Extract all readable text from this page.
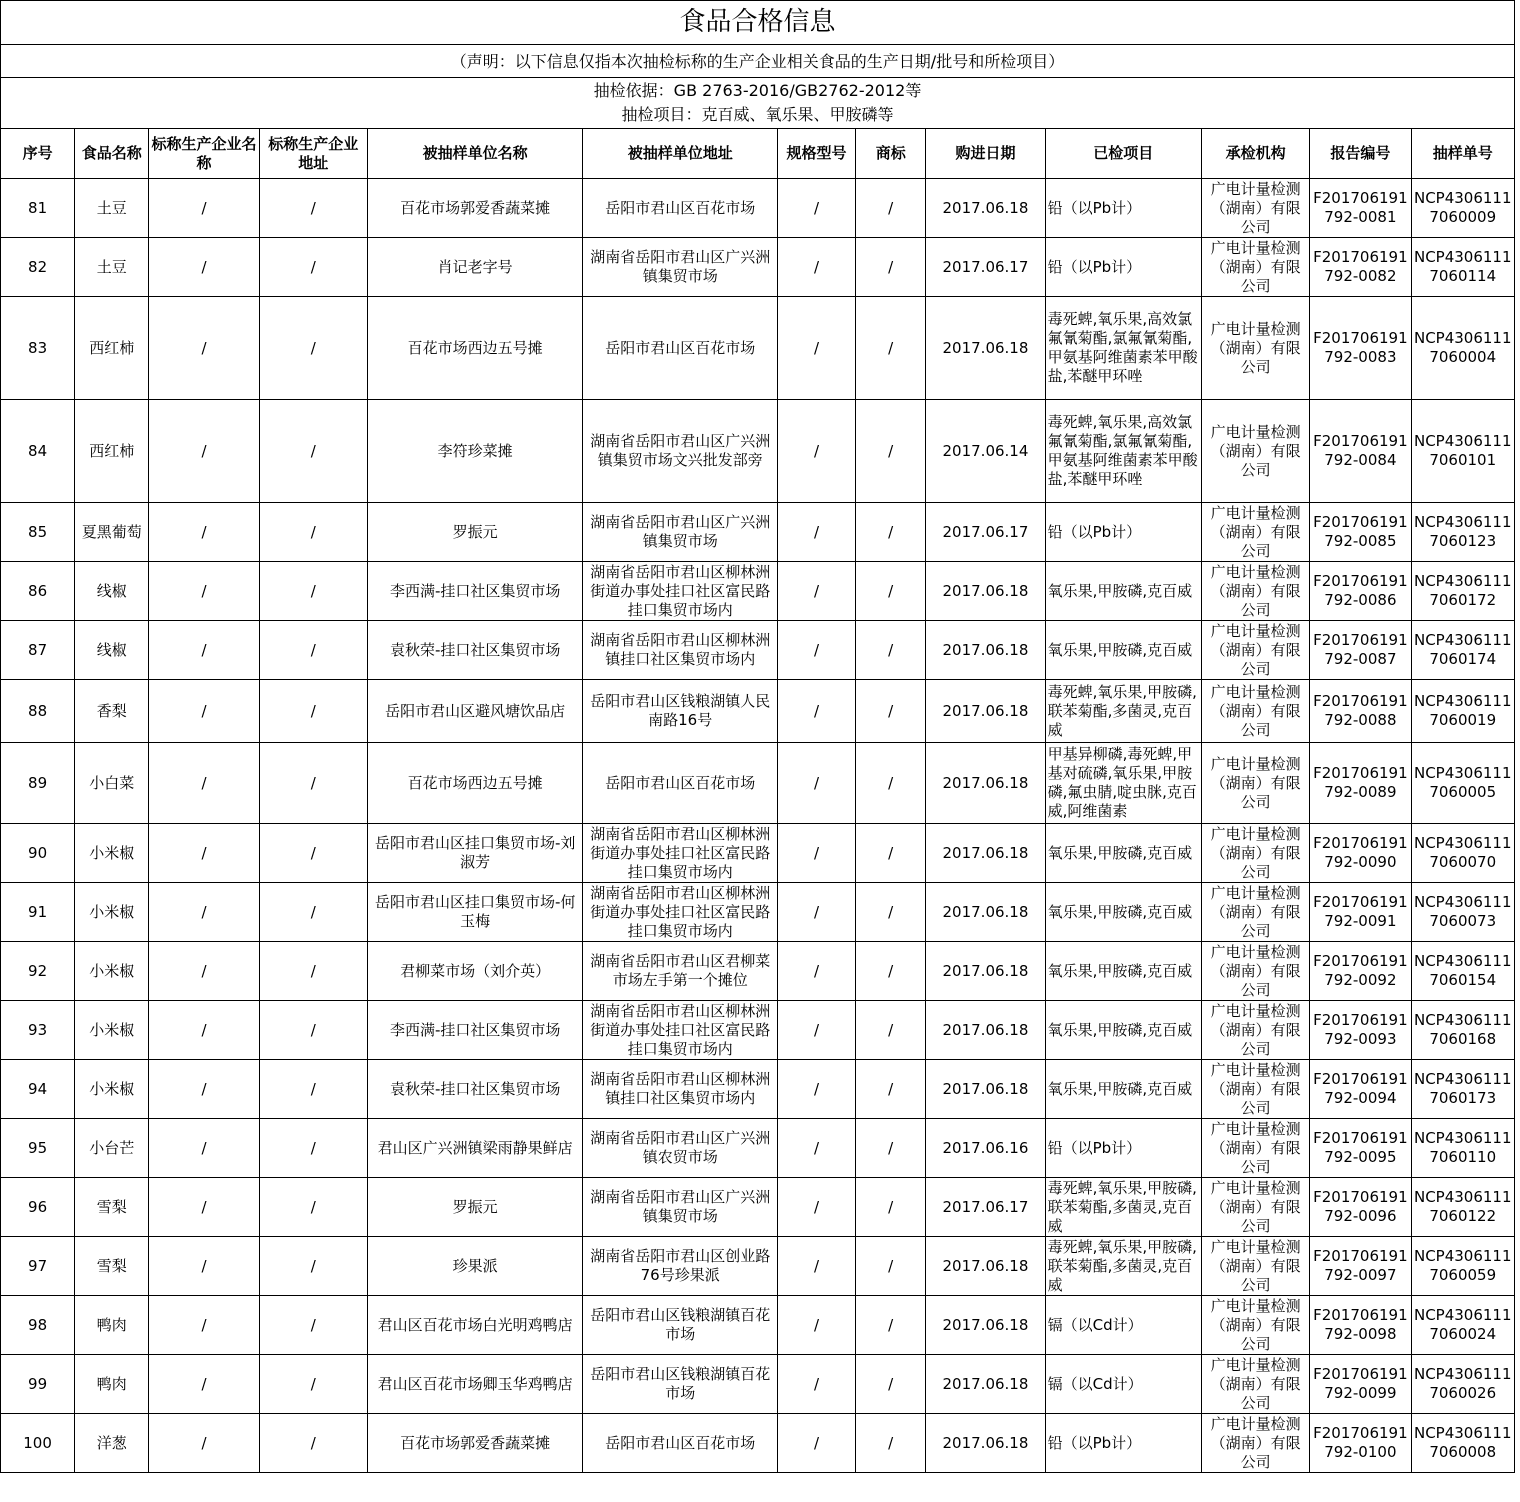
食品合格信息												
（声明：以下信息仅指本次抽检标称的生产企业相关食品的生产日期/批号和所检项目）												

抽检依据：GB 2763-2016/GB2762-2012等
抽检项目：克百威、氧乐果、甲胺磷等												

序号	食品名称	标称生产企业名称	标称生产企业地址	被抽样单位名称	被抽样单位地址	规格型号	商标	购进日期	已检项目	承检机构	报告编号	抽样单号
81	土豆	/	/	百花市场郭爱香蔬菜摊	岳阳市君山区百花市场	/	/	2017.06.18	铅（以Pb计）	广电计量检测（湖南）有限公司	F201706191792-0081	NCP43061117060009
82	土豆	/	/	肖记老字号	湖南省岳阳市君山区广兴洲镇集贸市场	/	/	2017.06.17	铅（以Pb计）	广电计量检测（湖南）有限公司	F201706191792-0082	NCP43061117060114
83	西红柿	/	/	百花市场西边五号摊	岳阳市君山区百花市场	/	/	2017.06.18	毒死蜱,氧乐果,高效氯氟氰菊酯,氯氟氰菊酯,甲氨基阿维菌素苯甲酸盐,苯醚甲环唑	广电计量检测（湖南）有限公司	F201706191792-0083	NCP43061117060004
84	西红柿	/	/	李符珍菜摊	湖南省岳阳市君山区广兴洲镇集贸市场文兴批发部旁	/	/	2017.06.14	毒死蜱,氧乐果,高效氯氟氰菊酯,氯氟氰菊酯,甲氨基阿维菌素苯甲酸盐,苯醚甲环唑	广电计量检测（湖南）有限公司	F201706191792-0084	NCP43061117060101
85	夏黑葡萄	/	/	罗振元	湖南省岳阳市君山区广兴洲镇集贸市场	/	/	2017.06.17	铅（以Pb计）	广电计量检测（湖南）有限公司	F201706191792-0085	NCP43061117060123
86	线椒	/	/	李西满-挂口社区集贸市场	湖南省岳阳市君山区柳林洲街道办事处挂口社区富民路挂口集贸市场内	/	/	2017.06.18	氧乐果,甲胺磷,克百威	广电计量检测（湖南）有限公司	F201706191792-0086	NCP43061117060172
87	线椒	/	/	袁秋荣-挂口社区集贸市场	湖南省岳阳市君山区柳林洲镇挂口社区集贸市场内	/	/	2017.06.18	氧乐果,甲胺磷,克百威	广电计量检测（湖南）有限公司	F201706191792-0087	NCP43061117060174
88	香梨	/	/	岳阳市君山区避风塘饮品店	岳阳市君山区钱粮湖镇人民南路16号	/	/	2017.06.18	毒死蜱,氧乐果,甲胺磷,联苯菊酯,多菌灵,克百威	广电计量检测（湖南）有限公司	F201706191792-0088	NCP43061117060019
89	小白菜	/	/	百花市场西边五号摊	岳阳市君山区百花市场	/	/	2017.06.18	甲基异柳磷,毒死蜱,甲基对硫磷,氧乐果,甲胺磷,氟虫腈,啶虫脒,克百威,阿维菌素	广电计量检测（湖南）有限公司	F201706191792-0089	NCP43061117060005
90	小米椒	/	/	岳阳市君山区挂口集贸市场-刘淑芳	湖南省岳阳市君山区柳林洲街道办事处挂口社区富民路挂口集贸市场内	/	/	2017.06.18	氧乐果,甲胺磷,克百威	广电计量检测（湖南）有限公司	F201706191792-0090	NCP43061117060070
91	小米椒	/	/	岳阳市君山区挂口集贸市场-何玉梅	湖南省岳阳市君山区柳林洲街道办事处挂口社区富民路挂口集贸市场内	/	/	2017.06.18	氧乐果,甲胺磷,克百威	广电计量检测（湖南）有限公司	F201706191792-0091	NCP43061117060073
92	小米椒	/	/	君柳菜市场（刘介英）	湖南省岳阳市君山区君柳菜市场左手第一个摊位	/	/	2017.06.18	氧乐果,甲胺磷,克百威	广电计量检测（湖南）有限公司	F201706191792-0092	NCP43061117060154
93	小米椒	/	/	李西满-挂口社区集贸市场	湖南省岳阳市君山区柳林洲街道办事处挂口社区富民路挂口集贸市场内	/	/	2017.06.18	氧乐果,甲胺磷,克百威	广电计量检测（湖南）有限公司	F201706191792-0093	NCP43061117060168
94	小米椒	/	/	袁秋荣-挂口社区集贸市场	湖南省岳阳市君山区柳林洲镇挂口社区集贸市场内	/	/	2017.06.18	氧乐果,甲胺磷,克百威	广电计量检测（湖南）有限公司	F201706191792-0094	NCP43061117060173
95	小台芒	/	/	君山区广兴洲镇梁雨静果鲜店	湖南省岳阳市君山区广兴洲镇农贸市场	/	/	2017.06.16	铅（以Pb计）	广电计量检测（湖南）有限公司	F201706191792-0095	NCP43061117060110
96	雪梨	/	/	罗振元	湖南省岳阳市君山区广兴洲镇集贸市场	/	/	2017.06.17	毒死蜱,氧乐果,甲胺磷,联苯菊酯,多菌灵,克百威	广电计量检测（湖南）有限公司	F201706191792-0096	NCP43061117060122
97	雪梨	/	/	珍果派	湖南省岳阳市君山区创业路76号珍果派	/	/	2017.06.18	毒死蜱,氧乐果,甲胺磷,联苯菊酯,多菌灵,克百威	广电计量检测（湖南）有限公司	F201706191792-0097	NCP43061117060059
98	鸭肉	/	/	君山区百花市场白光明鸡鸭店	岳阳市君山区钱粮湖镇百花市场	/	/	2017.06.18	镉（以Cd计）	广电计量检测（湖南）有限公司	F201706191792-0098	NCP43061117060024
99	鸭肉	/	/	君山区百花市场卿玉华鸡鸭店	岳阳市君山区钱粮湖镇百花市场	/	/	2017.06.18	镉（以Cd计）	广电计量检测（湖南）有限公司	F201706191792-0099	NCP43061117060026
100	洋葱	/	/	百花市场郭爱香蔬菜摊	岳阳市君山区百花市场	/	/	2017.06.18	铅（以Pb计）	广电计量检测（湖南）有限公司	F201706191792-0100	NCP43061117060008
